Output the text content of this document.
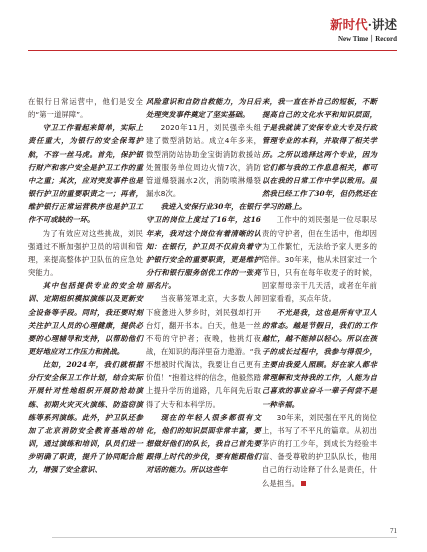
新时代·讲述
New Time｜Record

在银行日常运营中，他们是安全的“第一道屏障”。

守卫工作看起来简单，实际上责任重大，为银行的安全保驾护航，不容一丝马虎。首先，保护银行财产和客户安全是护卫工作的重中之重；其次，应对突发事件也是银行护卫的重要职责之一；再者，维护银行正常运营秩序也是护卫工作不可或缺的一环。

为了有效应对这些挑战，刘民强通过不断加强护卫员的培训和管理，来提高整体护卫队伍的应急处突能力。

其中包括提供专业的安全培训、定期组织模拟演练以及更新安全设备等手段。同时，我还要时刻关注护卫人员的心理健康，提供必要的心理辅导和支持，以帮助他们更好地应对工作压力和挑战。

比如，2024年，我们就根据分行安全保卫工作计划，结合实际开展针对性地组织开展防抢劫演练、初期火灾灭火演练、防盗窃演练等系列演练。此外，护卫队还参加了北京消防安全教育基地的培训，通过演练和培训，队员们进一步明确了职责，提升了协同配合能力，增强了安全意识、

风险意识和自防自救能力，为日后处理突发事件奠定了坚实基础。

2020年11月，刘民强牵头组建了微型消防站。成立4年多来，微型消防站协助金宝街消防救援站处置服务单位周边火情7次，消防管道爆裂漏水2次，消防喷淋爆裂漏水8次。

我进入安保行业30年，在银行守卫的岗位上度过了16年，这16年来，我对这个岗位有着清晰的认知：在银行，护卫员不仅肩负着守护银行安全的重要职责，更是维护分行和银行服务创优工作的一张亮丽名片。

当夜幕笼罩北京，大多数人卸下疲惫进入梦乡时，刘民强却打开台灯，翻开书本。白天，他是一丝不苟的守护者；夜晚，他挑灯夜战，在知识的海洋里奋力遨游。“我不想被时代淘汰，我要让自己更有价值！”抱着这样的信念，他毅然踏上提升学历的道路，几年间先后取得了大专和本科学历。

现在的年轻人很多都很有文化，他们的知识层面非常丰富，要想做好他们的队长，我自己首先要跟得上时代的步伐，要有能跟他们对话的能力。所以这些年

来，我一直在补自己的短板，不断提高自己的文化水平和知识层面，于是我就读了安保专业大专及行政管理专业的本科，并取得了相关学历。之所以选择这两个专业，因为它们都与我的工作息息相关，都可以在我的日常工作中学以致用。虽然我已经工作了30年，但仍然还在学习的路上。

工作中的刘民强是一位尽职尽责的守护者，但在生活中，他却因为工作繁忙，无法给予家人更多的陪伴。30年来，他从未回家过一个节日，只有在每年收麦子的时候，回家帮母亲干几天活，或者在年前回家看看，买点年货。

不光是我，这也是所有守卫人的常态。越是节假日，我们的工作越忙，越不能掉以轻心。所以在孩子的成长过程中，我参与得很少，主要由我爱人照顾。好在家人都非常理解和支持我的工作，人能为自己喜欢的事业奋斗一辈子何尝不是一种幸福。

30年来，刘民强在平凡的岗位上，书写了不平凡的篇章。从初出茅庐的打工少年，到成长为经验丰富、备受尊敬的护卫队队长，他用自己的行动诠释了什么是责任，什么是担当。

71
